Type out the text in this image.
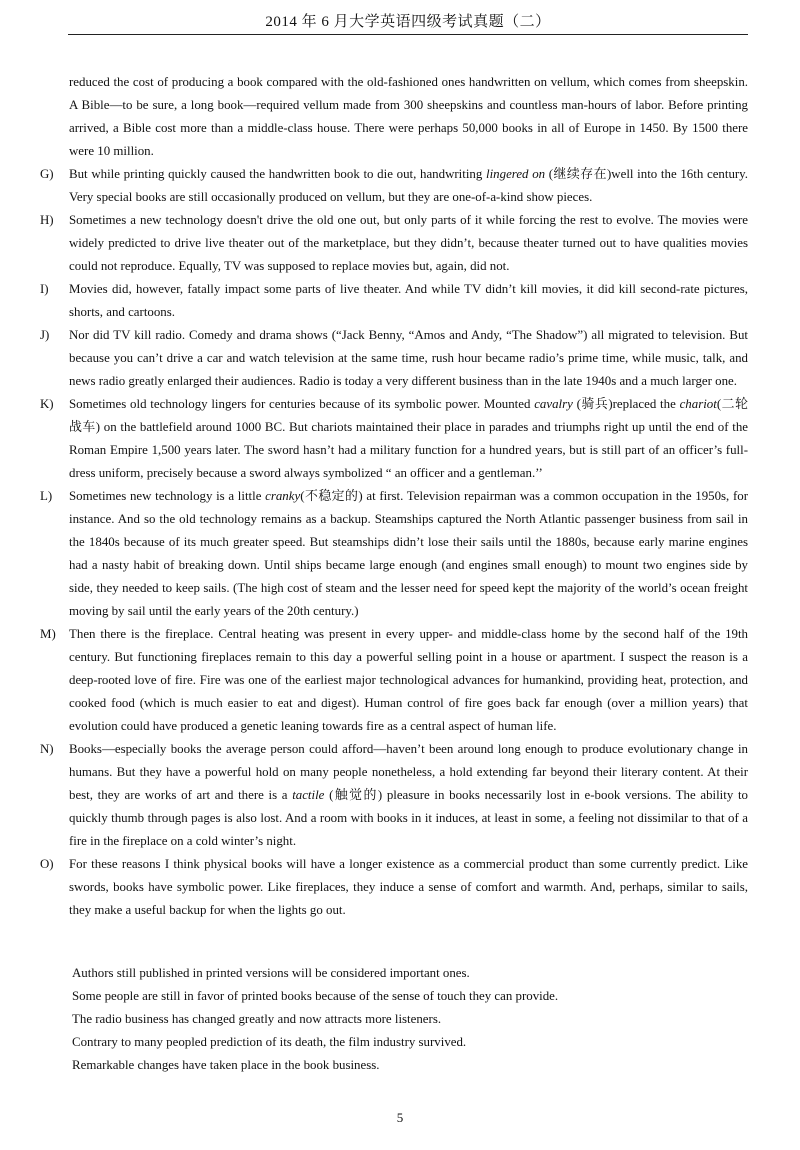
2014 年 6 月大学英语四级考试真题（二）

reduced the cost of producing a book compared with the old-fashioned ones handwritten on vellum, which comes from sheepskin. A Bible—to be sure, a long book—required vellum made from 300 sheepskins and countless man-hours of labor. Before printing arrived, a Bible cost more than a middle-class house. There were perhaps 50,000 books in all of Europe in 1450. By 1500 there were 10 million.

G) But while printing quickly caused the handwritten book to die out, handwriting lingered on (继续存在)well into the 16th century. Very special books are still occasionally produced on vellum, but they are one-of-a-kind show pieces.

H) Sometimes a new technology doesn't drive the old one out, but only parts of it while forcing the rest to evolve. The movies were widely predicted to drive live theater out of the marketplace, but they didn’t, because theater turned out to have qualities movies could not reproduce. Equally, TV was supposed to replace movies but, again, did not.

I) Movies did, however, fatally impact some parts of live theater. And while TV didn’t kill movies, it did kill second-rate pictures, shorts, and cartoons.

J) Nor did TV kill radio. Comedy and drama shows (“Jack Benny, “Amos and Andy, “The Shadow”) all migrated to television. But because you can’t drive a car and watch television at the same time, rush hour became radio’s prime time, while music, talk, and news radio greatly enlarged their audiences. Radio is today a very different business than in the late 1940s and a much larger one.

K) Sometimes old technology lingers for centuries because of its symbolic power. Mounted cavalry (骑兵)replaced the chariot(二轮战车) on the battlefield around 1000 BC. But chariots maintained their place in parades and triumphs right up until the end of the Roman Empire 1,500 years later. The sword hasn’t had a military function for a hundred years, but is still part of an officer’s full- dress uniform, precisely because a sword always symbolized “ an officer and a gentleman.’’

L) Sometimes new technology is a little cranky(不稳定的) at first. Television repairman was a common occupation in the 1950s, for instance. And so the old technology remains as a backup. Steamships captured the North Atlantic passenger business from sail in the 1840s because of its much greater speed. But steamships didn’t lose their sails until the 1880s, because early marine engines had a nasty habit of breaking down. Until ships became large enough (and engines small enough) to mount two engines side by side, they needed to keep sails. (The high cost of steam and the lesser need for speed kept the majority of the world’s ocean freight moving by sail until the early years of the 20th century.)

M) Then there is the fireplace. Central heating was present in every upper- and middle-class home by the second half of the 19th century. But functioning fireplaces remain to this day a powerful selling point in a house or apartment. I suspect the reason is a deep-rooted love of fire. Fire was one of the earliest major technological advances for humankind, providing heat, protection, and cooked food (which is much easier to eat and digest). Human control of fire goes back far enough (over a million years) that evolution could have produced a genetic leaning towards fire as a central aspect of human life.

N) Books—especially books the average person could afford—haven’t been around long enough to produce evolutionary change in humans. But they have a powerful hold on many people nonetheless, a hold extending far beyond their literary content. At their best, they are works of art and there is a tactile (触觉的) pleasure in books necessarily lost in e-book versions. The ability to quickly thumb through pages is also lost. And a room with books in it induces, at least in some, a feeling not dissimilar to that of a fire in the fireplace on a cold winter’s night.

O) For these reasons I think physical books will have a longer existence as a commercial product than some currently predict. Like swords, books have symbolic power. Like fireplaces, they induce a sense of comfort and warmth. And, perhaps, similar to sails, they make a useful backup for when the lights go out.

Authors still published in printed versions will be considered important ones.

Some people are still in favor of printed books because of the sense of touch they can provide.

The radio business has changed greatly and now attracts more listeners.

Contrary to many peopled prediction of its death, the film industry survived.

Remarkable changes have taken place in the book business.

5
